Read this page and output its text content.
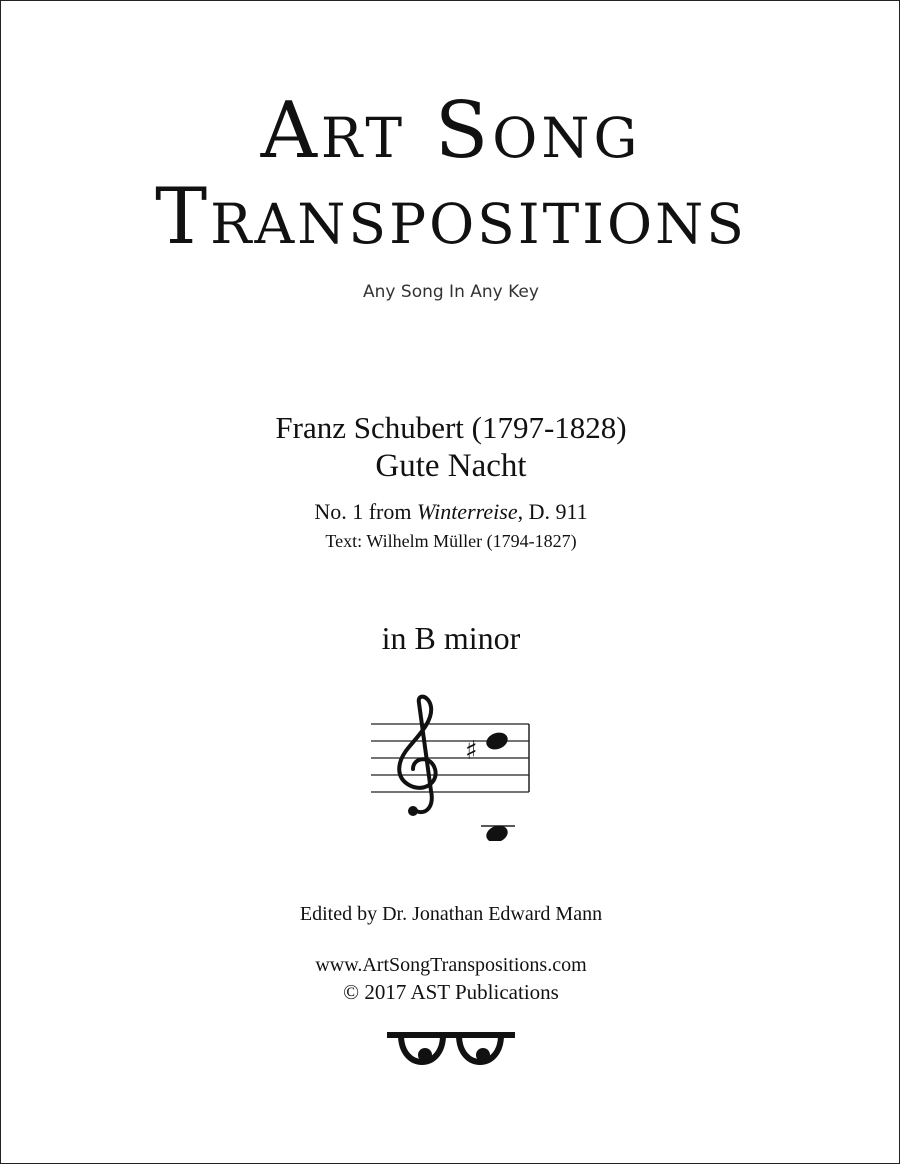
Art Song
Transpositions
Any Song In Any Key
Franz Schubert (1797-1828)
Gute Nacht
No. 1 from Winterreise, D. 911
Text: Wilhelm Müller (1794-1827)
in B minor
♯
Edited by Dr. Jonathan Edward Mann
www.ArtSongTranspositions.com
© 2017 AST Publications
